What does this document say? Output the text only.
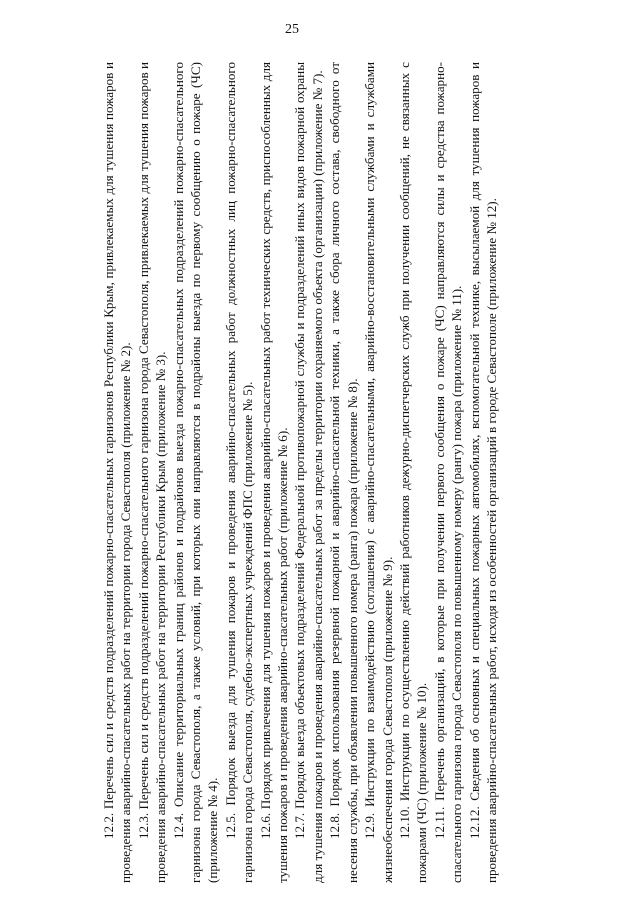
25

12.2. Перечень сил и средств подразделений пожарно-спасательных гарнизонов Республики Крым, привлекаемых для тушения пожаров и проведения аварийно-спасательных работ на территории города Севастополя (приложение № 2). 12.3. Перечень сил и средств подразделений пожарно-спасательного гарнизона города Севастополя, привлекаемых для тушения пожаров и проведения аварийно-спасательных работ на территории Республики Крым (приложение № 3). 12.4. Описание территориальных границ районов и подрайонов выезда пожарно-спасательных подразделений пожарно-спасательного гарнизона города Севастополя, а также условий, при которых они направляются в подрайоны выезда по первому сообщению о пожаре (ЧС) (приложение № 4). 12.5. Порядок выезда для тушения пожаров и проведения аварийно-спасательных работ должностных лиц пожарно-спасательного гарнизона города Севастополя, судебно-экспертных учреждений ФПС (приложение № 5). 12.6. Порядок привлечения для тушения пожаров и проведения аварийно-спасательных работ технических средств, приспособленных для тушения пожаров и проведения аварийно-спасательных работ (приложение № 6). 12.7. Порядок выезда объектовых подразделений Федеральной противопожарной службы и подразделений иных видов пожарной охраны для тушения пожаров и проведения аварийно-спасательных работ за пределы территории охраняемого объекта (организации) (приложение № 7). 12.8. Порядок использования резервной пожарной и аварийно-спасательной техники, а также сбора личного состава, свободного от несения службы, при объявлении повышенного номера (ранга) пожара (приложение № 8). 12.9. Инструкции по взаимодействию (соглашения) с аварийно-спасательными, аварийно-восстановительными службами и службами жизнеобеспечения города Севастополя (приложение № 9). 12.10. Инструкции по осуществлению действий работников дежурно-диспетчерских служб при получении сообщений, не связанных с пожарами (ЧС) (приложение № 10). 12.11. Перечень организаций, в которые при получении первого сообщения о пожаре (ЧС) направляются силы и средства пожарно-спасательного гарнизона города Севастополя по повышенному номеру (рангу) пожара (приложение № 11). 12.12. Сведения об основных и специальных пожарных автомобилях, вспомогательной технике, высылаемой для тушения пожаров и проведения аварийно-спасательных работ, исходя из особенностей организаций в городе Севастополе (приложение № 12).
